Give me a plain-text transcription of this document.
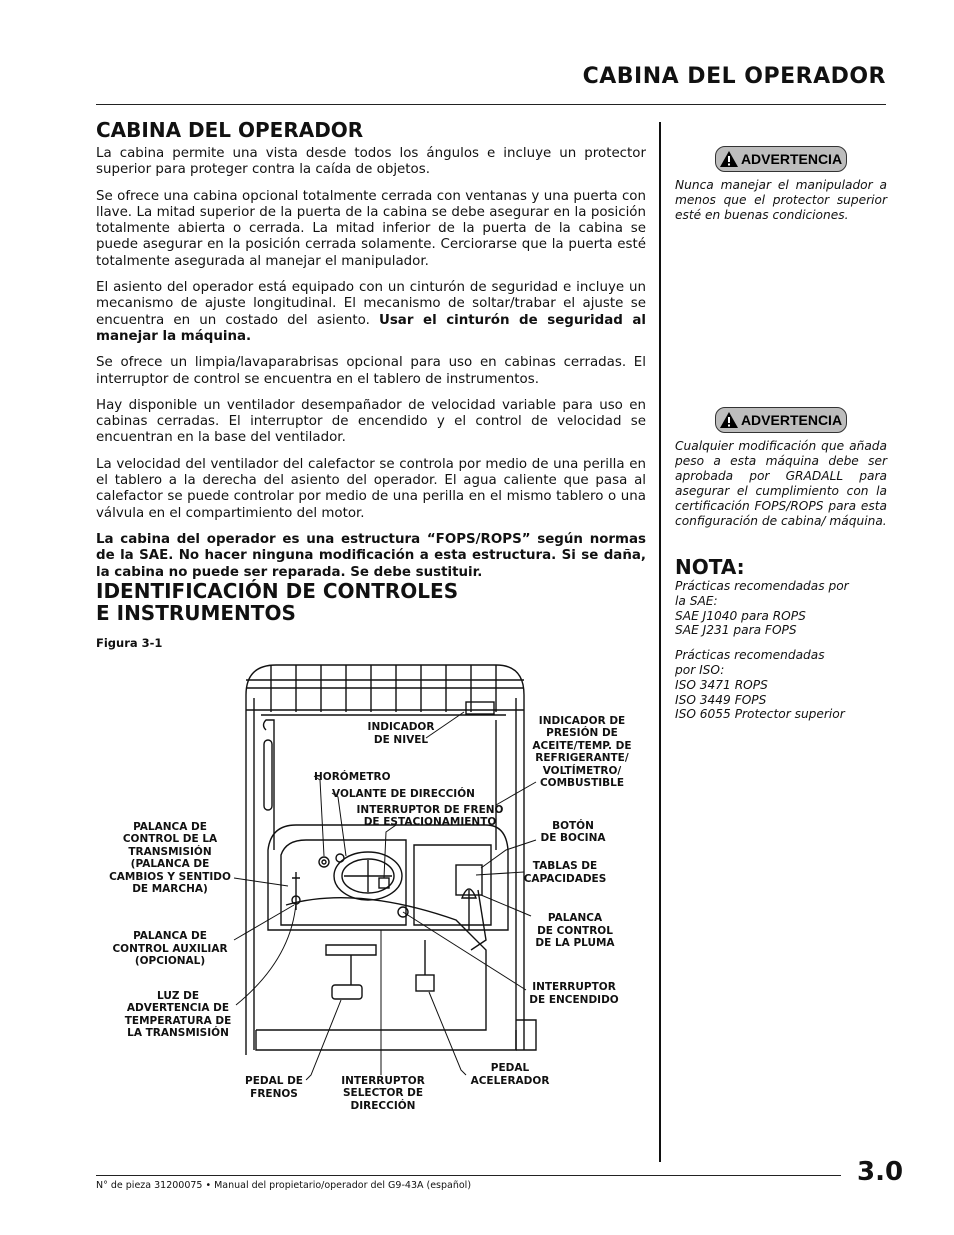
CABINA DEL OPERADOR
CABINA DEL OPERADOR

La cabina permite una vista desde todos los ángulos e incluye un protector superior para proteger contra la caída de objetos.

Se ofrece una cabina opcional totalmente cerrada con ventanas y una puerta con llave. La mitad superior de la puerta de la cabina se debe asegurar en la posición totalmente abierta o cerrada. La mitad inferior de la puerta de la cabina se puede asegurar en la posición cerrada solamente. Cerciorarse que la puerta esté totalmente asegurada al manejar el manipulador.

El asiento del operador está equipado con un cinturón de seguridad e incluye un mecanismo de ajuste longitudinal. El mecanismo de soltar/trabar el ajuste se encuentra en un costado del asiento. Usar el cinturón de seguridad al manejar la máquina.

Se ofrece un limpia/lavaparabrisas opcional para uso en cabinas cerradas. El interruptor de control se encuentra en el tablero de instrumentos.

Hay disponible un ventilador desempañador de velocidad variable para uso en cabinas cerradas. El interruptor de encendido y el control de velocidad se encuentran en la base del ventilador.

La velocidad del ventilador del calefactor se controla por medio de una perilla en el tablero a la derecha del asiento del operador. El agua caliente que pasa al calefactor se puede controlar por medio de una perilla en el mismo tablero o una válvula en el compartimiento del motor.

La cabina del operador es una estructura “FOPS/ROPS” según normas de la SAE. No hacer ninguna modificación a esta estructura. Si se daña, la cabina no puede ser reparada. Se debe sustituir.

IDENTIFICACIÓN DE CONTROLES
E INSTRUMENTOS
Figura 3-1
INDICADOR
DE NIVEL
INDICADOR DE
PRESIÓN DE
ACEITE/TEMP. DE
REFRIGERANTE/
VOLTÍMETRO/
COMBUSTIBLE
HORÓMETRO
VOLANTE DE DIRECCIÓN
INTERRUPTOR DE FRENO
DE ESTACIONAMIENTO	BOTÓN
DE BOCINA
TABLAS DE
CAPACIDADES
PALANCA DE
CONTROL DE LA
TRANSMISIÓN
(PALANCA DE
CAMBIOS Y SENTIDO
DE MARCHA)
PALANCA DE
CONTROL AUXILIAR
(OPCIONAL)
PALANCA
DE CONTROL
DE LA PLUMA
LUZ DE
ADVERTENCIA DE
TEMPERATURA DE
LA TRANSMISIÓN
INTERRUPTOR
DE ENCENDIDO
PEDAL DE
FRENOS
INTERRUPTOR
SELECTOR DE
DIRECCIÓN
PEDAL
ACELERADOR
ADVERTENCIA

Nunca manejar el manipulador a menos que el protector superior esté en buenas condiciones.

ADVERTENCIA

Cualquier modificación que añada peso a esta máquina debe ser aprobada por GRADALL para asegurar el cumplimiento con la certificación FOPS/ROPS para esta configuración de cabina/ máquina.

NOTA:

Prácticas recomendadas por
la SAE:
SAE J1040 para ROPS
SAE J231 para FOPS

Prácticas recomendadas
por ISO:
ISO 3471 ROPS
ISO 3449 FOPS
ISO 6055 Protector superior

N° de pieza 31200075 • Manual del propietario/operador del G9-43A (español)	3.0
